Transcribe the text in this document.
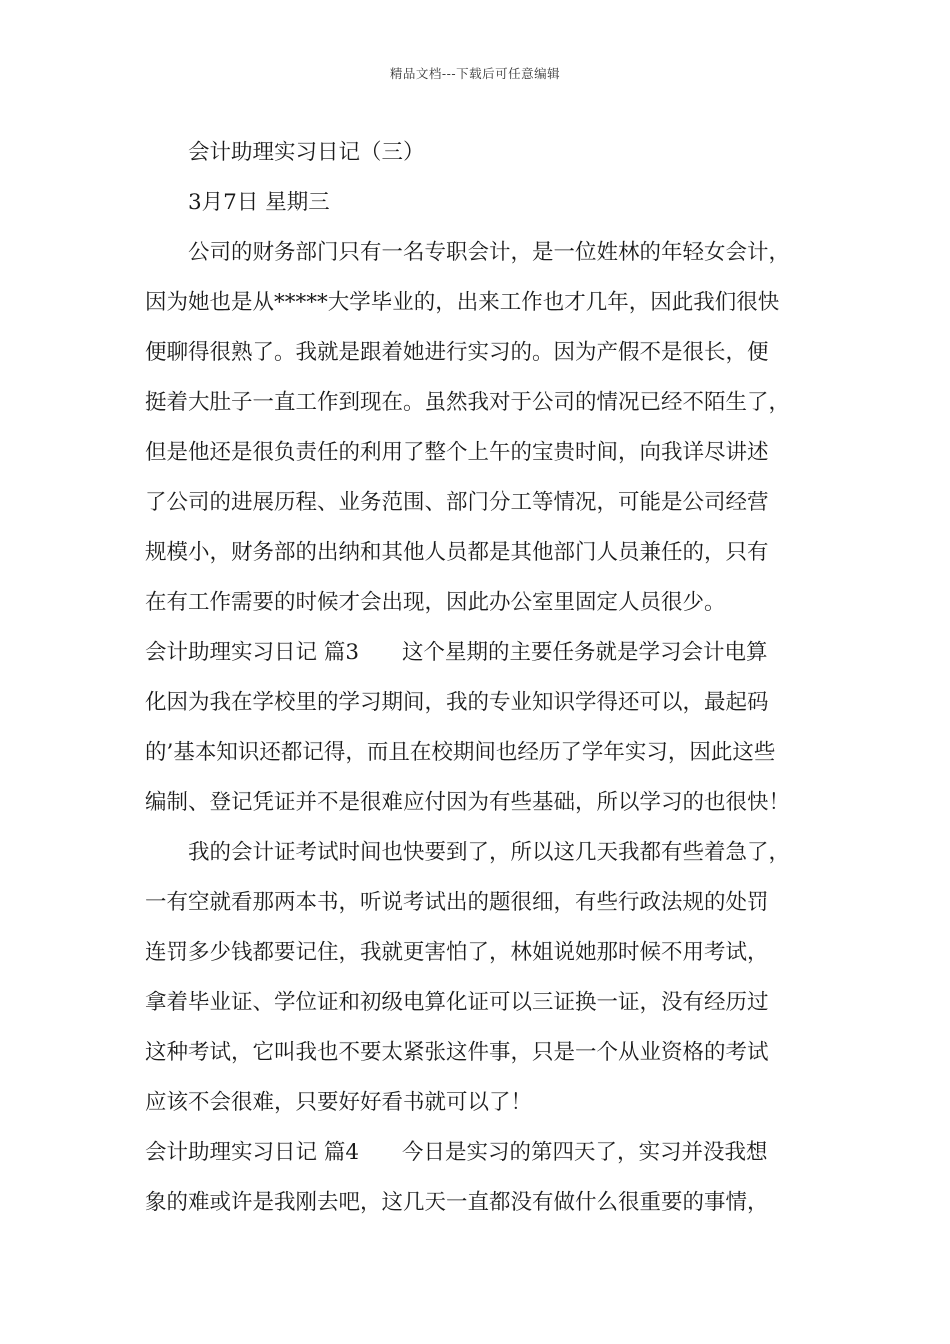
精品文档---下载后可任意编辑
会计助理实习日记（三）
3月7日 星期三
公司的财务部门只有一名专职会计，是一位姓林的年轻女会计，
因为她也是从*****大学毕业的，出来工作也才几年，因此我们很快
便聊得很熟了。我就是跟着她进行实习的。因为产假不是很长，便
挺着大肚子一直工作到现在。虽然我对于公司的情况已经不陌生了，
但是他还是很负责任的利用了整个上午的宝贵时间，向我详尽讲述
了公司的进展历程、业务范围、部门分工等情况，可能是公司经营
规模小，财务部的出纳和其他人员都是其他部门人员兼任的，只有
在有工作需要的时候才会出现，因此办公室里固定人员很少。
会计助理实习日记 篇3　　这个星期的主要任务就是学习会计电算
化因为我在学校里的学习期间，我的专业知识学得还可以，最起码
的’基本知识还都记得，而且在校期间也经历了学年实习，因此这些
编制、登记凭证并不是很难应付因为有些基础，所以学习的也很快！
我的会计证考试时间也快要到了，所以这几天我都有些着急了，
一有空就看那两本书，听说考试出的题很细，有些行政法规的处罚
连罚多少钱都要记住，我就更害怕了，林姐说她那时候不用考试，
拿着毕业证、学位证和初级电算化证可以三证换一证，没有经历过
这种考试，它叫我也不要太紧张这件事，只是一个从业资格的考试
应该不会很难，只要好好看书就可以了！
会计助理实习日记 篇4　　今日是实习的第四天了，实习并没我想
象的难或许是我刚去吧，这几天一直都没有做什么很重要的事情，
